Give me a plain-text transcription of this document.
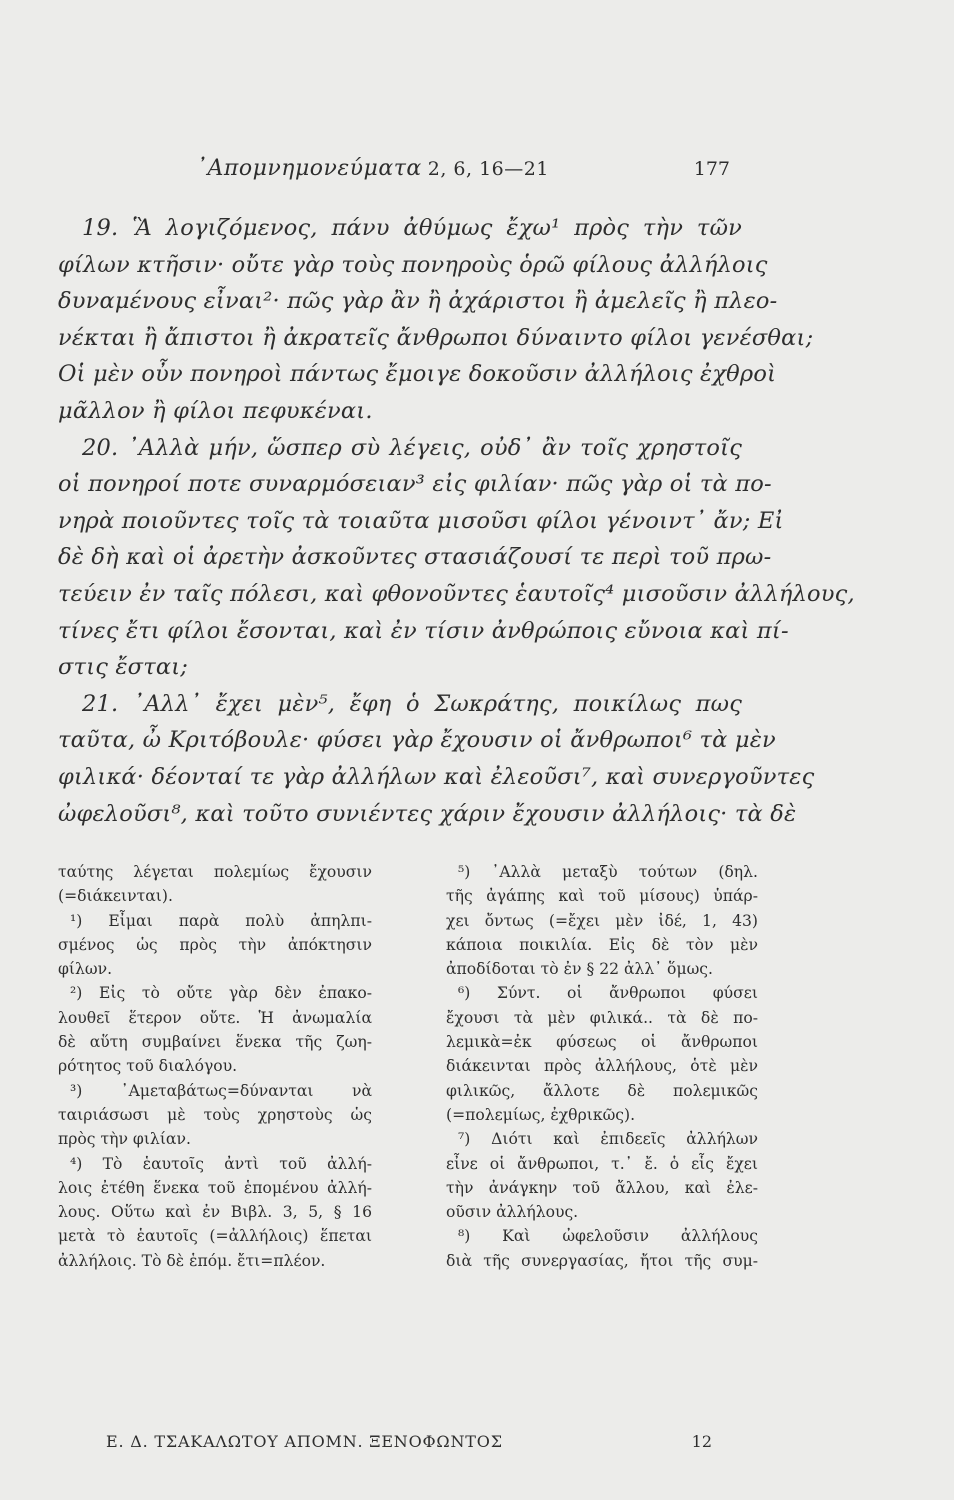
᾽Απομνημονεύματα 2, 6, 16—21	177
19. Ἃ λογιζόμενος, πάνυ ἀθύμως ἔχω¹ πρὸς τὴν τῶν
φίλων κτῆσιν· οὔτε γὰρ τοὺς πονηροὺς ὁρῶ φίλους ἀλλήλοις
δυναμένους εἶναι²· πῶς γὰρ ἂν ἢ ἀχάριστοι ἢ ἀμελεῖς ἢ πλεο-
νέκται ἢ ἄπιστοι ἢ ἀκρατεῖς ἄνθρωποι δύναιντο φίλοι γενέσθαι;
Οἱ μὲν οὖν πονηροὶ πάντως ἔμοιγε δοκοῦσιν ἀλλήλοις ἐχθροὶ
μᾶλλον ἢ φίλοι πεφυκέναι.
20. ᾽Αλλὰ μήν, ὥσπερ σὺ λέγεις, οὐδ᾽ ἂν τοῖς χρηστοῖς
οἱ πονηροί ποτε συναρμόσειαν³ εἰς φιλίαν· πῶς γὰρ οἱ τὰ πο-
νηρὰ ποιοῦντες τοῖς τὰ τοιαῦτα μισοῦσι φίλοι γένοιντ᾽ ἄν; Εἰ
δὲ δὴ καὶ οἱ ἀρετὴν ἀσκοῦντες στασιάζουσί τε περὶ τοῦ πρω-
τεύειν ἐν ταῖς πόλεσι, καὶ φθονοῦντες ἑαυτοῖς⁴ μισοῦσιν ἀλλήλους,
τίνες ἔτι φίλοι ἔσονται, καὶ ἐν τίσιν ἀνθρώποις εὔνοια καὶ πί-
στις ἔσται;
21. ᾽Αλλ᾽ ἔχει μὲν⁵, ἔφη ὁ Σωκράτης, ποικίλως πως
ταῦτα, ὦ Κριτόβουλε· φύσει γὰρ ἔχουσιν οἱ ἄνθρωποι⁶ τὰ μὲν
φιλικά· δέονταί τε γὰρ ἀλλήλων καὶ ἐλεοῦσι⁷, καὶ συνεργοῦντες
ὠφελοῦσι⁸, καὶ τοῦτο συνιέντες χάριν ἔχουσιν ἀλλήλοις· τὰ δὲ
ταύτης λέγεται πολεμίως ἔχουσιν
(=διάκεινται).
¹) Εἶμαι παρὰ πολὺ ἀπηλπι-
σμένος ὡς πρὸς τὴν ἀπόκτησιν
φίλων.
²) Εἰς τὸ οὔτε γὰρ δὲν ἐπακο-
λουθεῖ ἕτερον οὔτε. Ἡ ἀνωμαλία
δὲ αὕτη συμβαίνει ἕνεκα τῆς ζωη-
ρότητος τοῦ διαλόγου.
³) ᾽Αμεταβάτως=δύνανται νὰ
ταιριάσωσι μὲ τοὺς χρηστοὺς ὡς
πρὸς τὴν φιλίαν.
⁴) Τὸ ἑαυτοῖς ἀντὶ τοῦ ἀλλή-
λοις ἐτέθη ἕνεκα τοῦ ἑπομένου ἀλλή-
λους. Οὕτω καὶ ἐν Βιβλ. 3, 5, § 16
μετὰ τὸ ἑαυτοῖς (=ἀλλήλοις) ἕπεται
ἀλλήλοις. Τὸ δὲ ἑπόμ. ἔτι=πλέον.
⁵) ᾽Αλλὰ μεταξὺ τούτων (δηλ.
τῆς ἀγάπης καὶ τοῦ μίσους) ὑπάρ-
χει ὄντως (=ἔχει μὲν ἰδέ, 1, 43)
κάποια ποικιλία. Εἰς δὲ τὸν μὲν
ἀποδίδοται τὸ ἐν § 22 ἀλλ᾽ ὅμως.
⁶) Σύντ. οἱ ἄνθρωποι φύσει
ἔχουσι τὰ μὲν φιλικά.. τὰ δὲ πο-
λεμικὰ=ἐκ φύσεως οἱ ἄνθρωποι
διάκεινται πρὸς ἀλλήλους, ὁτὲ μὲν
φιλικῶς, ἄλλοτε δὲ πολεμικῶς
(=πολεμίως, ἐχθρικῶς).
⁷) Διότι καὶ ἐπιδεεῖς ἀλλήλων
εἶνε οἱ ἄνθρωποι, τ.᾽ ἔ. ὁ εἷς ἔχει
τὴν ἀνάγκην τοῦ ἄλλου, καὶ ἐλε-
οῦσιν ἀλλήλους.
⁸) Καὶ ὠφελοῦσιν ἀλλήλους
διὰ τῆς συνεργασίας, ἤτοι τῆς συμ-
Ε. Δ. ΤΣΑΚΑΛΩΤΟΥ ΑΠΟΜΝ. ΞΕΝΟΦΩΝΤΟΣ	12
